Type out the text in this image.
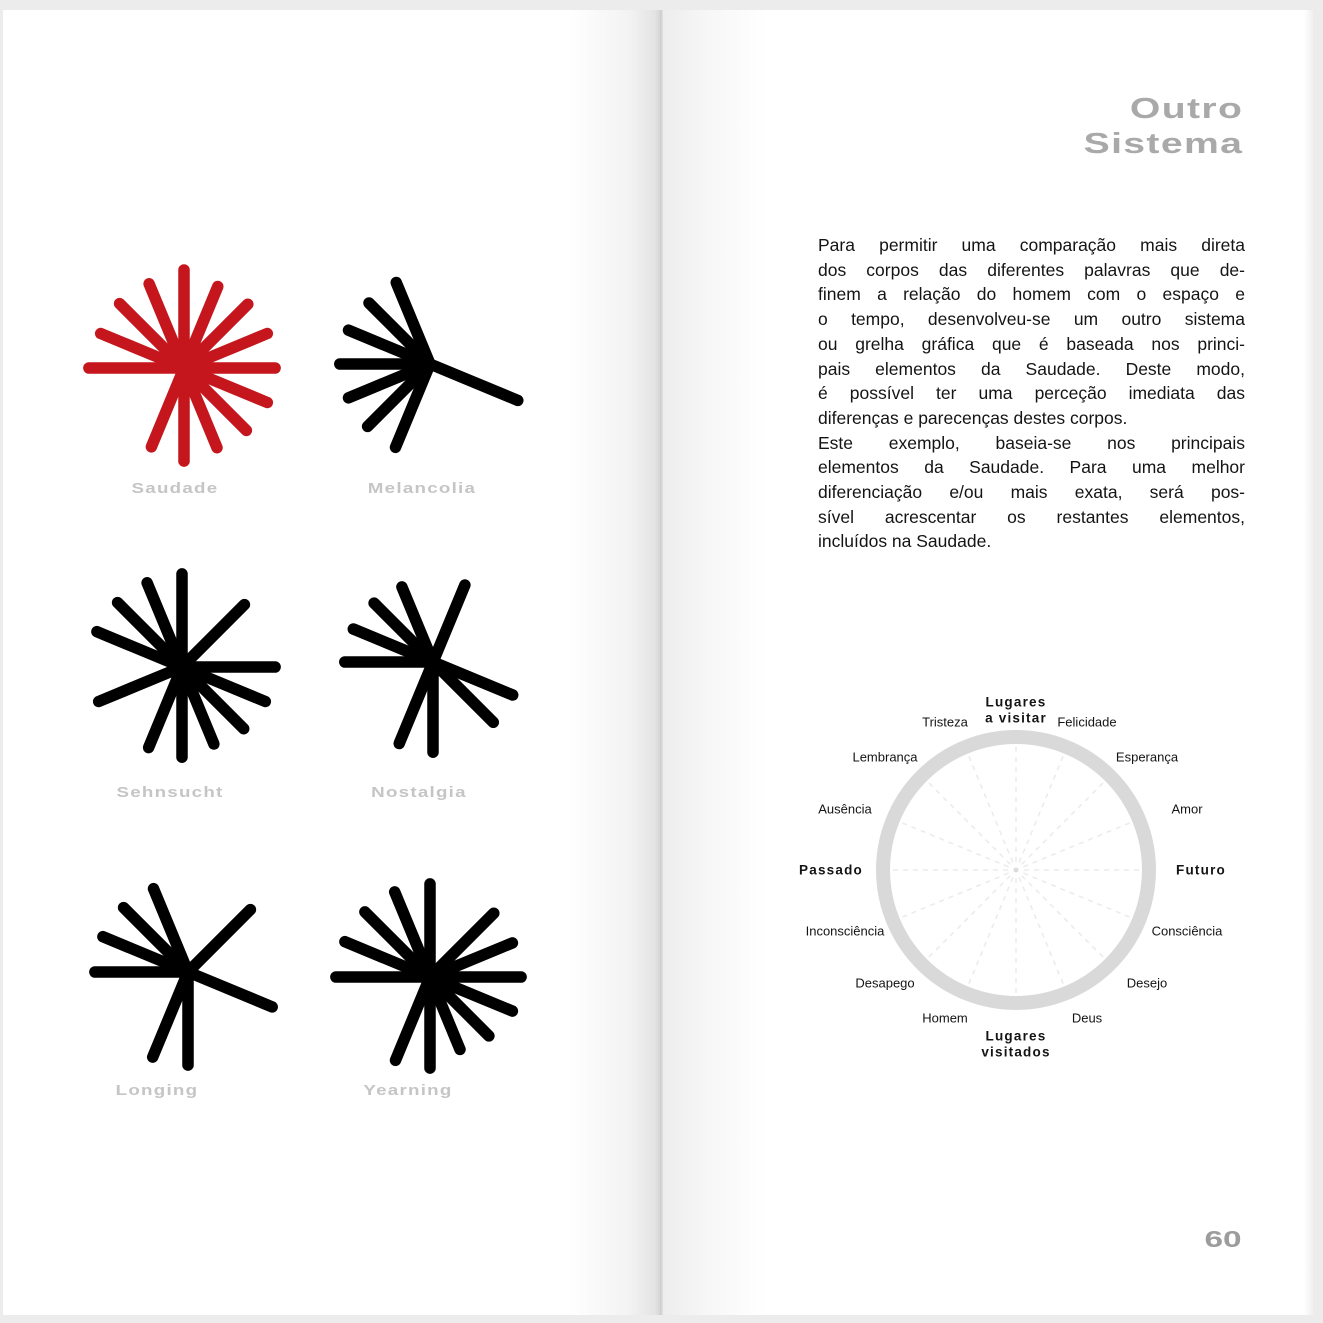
Saudade	Melancolia
Sehnsucht	Nostalgia
Longing	Yearning
Outro
Sistema
Para permitir uma comparação mais direta
dos corpos das diferentes palavras que de-
finem a relação do homem com o espaço e
o tempo, desenvolveu-se um outro sistema
ou grelha gráfica que é baseada nos princi-
pais elementos da Saudade. Deste modo,
é possível ter uma perceção imediata das
diferenças e parecenças destes corpos.
Este exemplo, baseia-se nos principais
elementos da Saudade. Para uma melhor
diferenciação e/ou mais exata, será pos-
sível acrescentar os restantes elementos,
incluídos na Saudade.
Lugares
a visitar Felicidade
Esperança
Amor
Futuro
Consciência
Desejo
Deus
Lugares
visitados
Homem
Desapego
Inconsciência
Passado
Ausência
Lembrança
Tristeza
60
